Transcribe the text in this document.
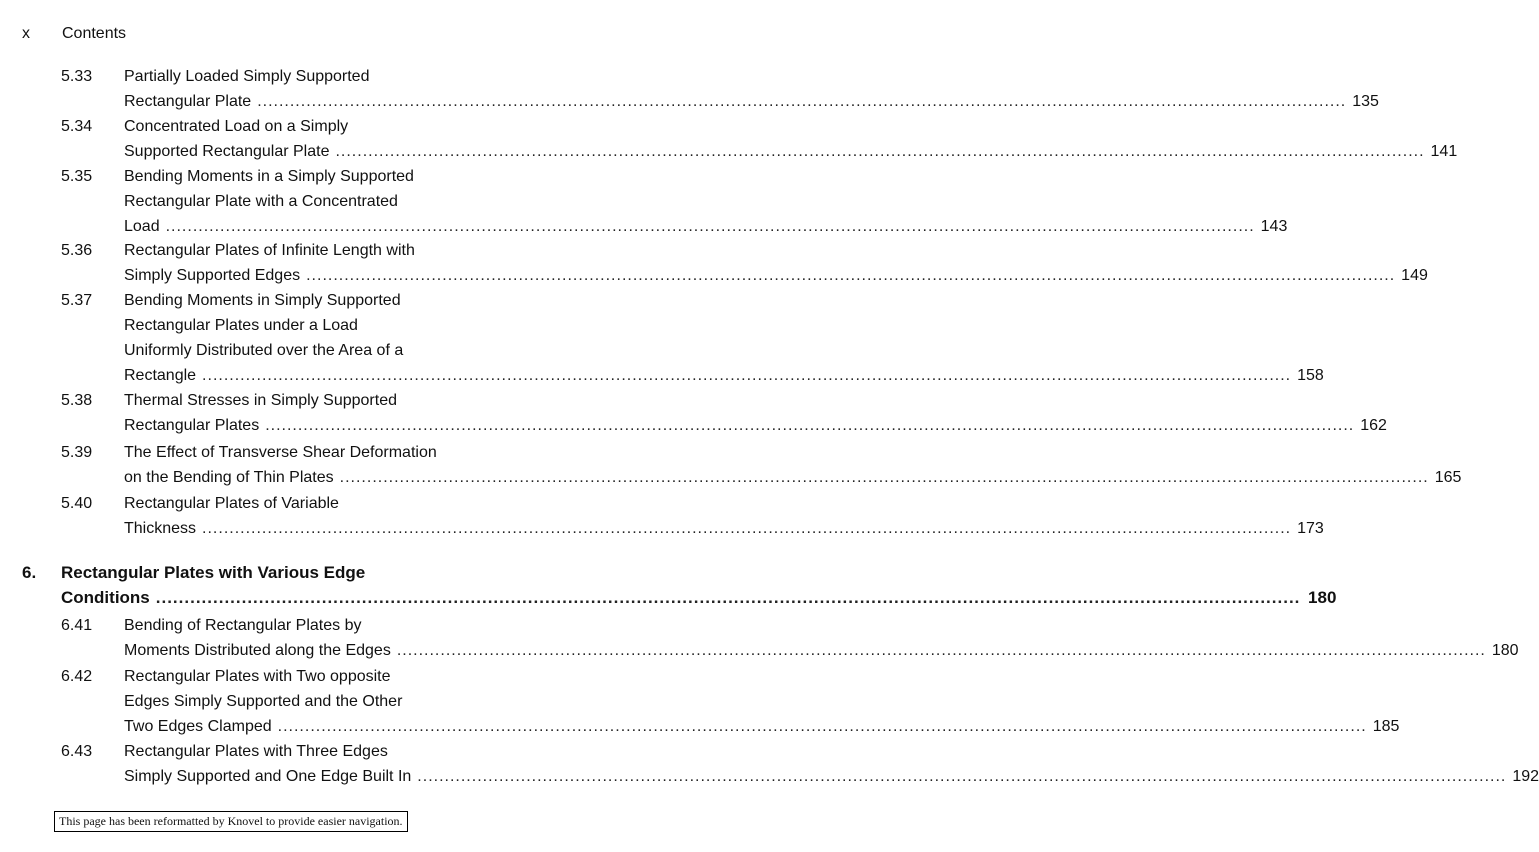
x Contents
5.33 Partially Loaded Simply Supported
Rectangular Plate ........................................................................................................................................................................................................ 135
5.34 Concentrated Load on a Simply
Supported Rectangular Plate ........................................................................................................................................................................................................ 141
5.35 Bending Moments in a Simply Supported
Rectangular Plate with a Concentrated
Load ........................................................................................................................................................................................................ 143
5.36 Rectangular Plates of Infinite Length with
Simply Supported Edges ........................................................................................................................................................................................................ 149
5.37 Bending Moments in Simply Supported
Rectangular Plates under a Load
Uniformly Distributed over the Area of a
Rectangle ........................................................................................................................................................................................................ 158
5.38 Thermal Stresses in Simply Supported
Rectangular Plates ........................................................................................................................................................................................................ 162
5.39 The Effect of Transverse Shear Deformation
on the Bending of Thin Plates ........................................................................................................................................................................................................ 165
5.40 Rectangular Plates of Variable
Thickness ........................................................................................................................................................................................................ 173
6. Rectangular Plates with Various Edge
Conditions ........................................................................................................................................................................................................ 180
6.41 Bending of Rectangular Plates by
Moments Distributed along the Edges ........................................................................................................................................................................................................ 180
6.42 Rectangular Plates with Two opposite
Edges Simply Supported and the Other
Two Edges Clamped ........................................................................................................................................................................................................ 185
6.43 Rectangular Plates with Three Edges
Simply Supported and One Edge Built In ........................................................................................................................................................................................................ 192
This page has been reformatted by Knovel to provide easier navigation.
